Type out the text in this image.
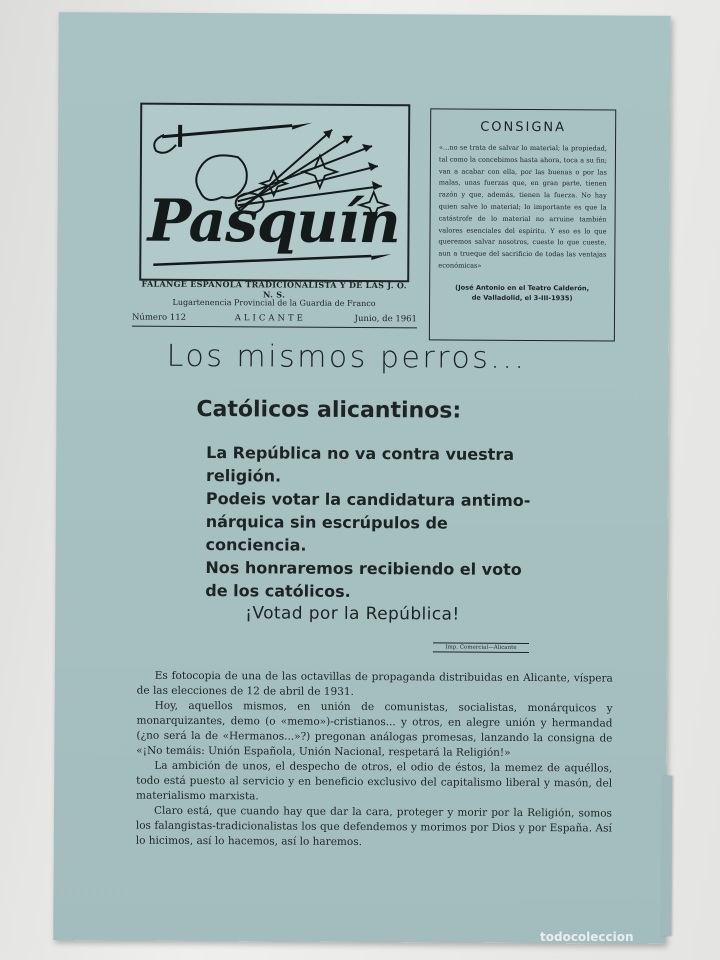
Pasquín
FALANGE ESPAÑOLA TRADICIONALISTA Y DE LAS J. O. N. S.
Lugartenencia Provincial de la Guardia de Franco
Número 112	ALICANTE	Junio, de 1961
CONSIGNA
«...no se trata de salvar lo material; la propiedad, tal como la concebimos hasta ahora, toca a su fin; van a acabar con ella, por las buenas o por las malas, unas fuerzas que, en gran parte, tienen razón y que, además, tienen la fuerza. No hay quien salve lo material; lo importante es que la catástrofe de lo material no arruine también valores esenciales del espíritu. Y eso es lo que queremos salvar nosotros, cueste lo que cueste, aun a trueque del sacrificio de todas las ventajas económicas»
(José Antonio en el Teatro Calderón,
de Valladolid, el 3-III-1935)
Los mismos perros...
Católicos alicantinos:
La República no va contra vuestra
religión.
Podeis votar la candidatura antimo-
nárquica sin escrúpulos de conciencia.
Nos honraremos recibiendo el voto
de los católicos.
¡Votad por la República!
Imp. Comercial—Alicante

Es fotocopia de una de las octavillas de propaganda distribuidas en Alicante, víspera de las elecciones de 12 de abril de 1931.

Hoy, aquellos mismos, en unión de comunistas, socialistas, monárquicos y monarquizantes, demo (o «memo»)-cristianos... y otros, en alegre unión y hermandad (¿no será la de «Hermanos...»?) pregonan análogas promesas, lanzando la consigna de «¡No temáis: Unión Española, Unión Nacional, respetará la Religión!»

La ambición de unos, el despecho de otros, el odio de éstos, la memez de aquéllos, todo está puesto al servicio y en beneficio exclusivo del capitalismo liberal y masón, del materialismo marxista.

Claro está, que cuando hay que dar la cara, proteger y morir por la Religión, somos los falangistas-tradicionalistas los que defendemos y morimos por Dios y por España. Así lo hicimos, así lo hacemos, así lo haremos.

todocoleccion
